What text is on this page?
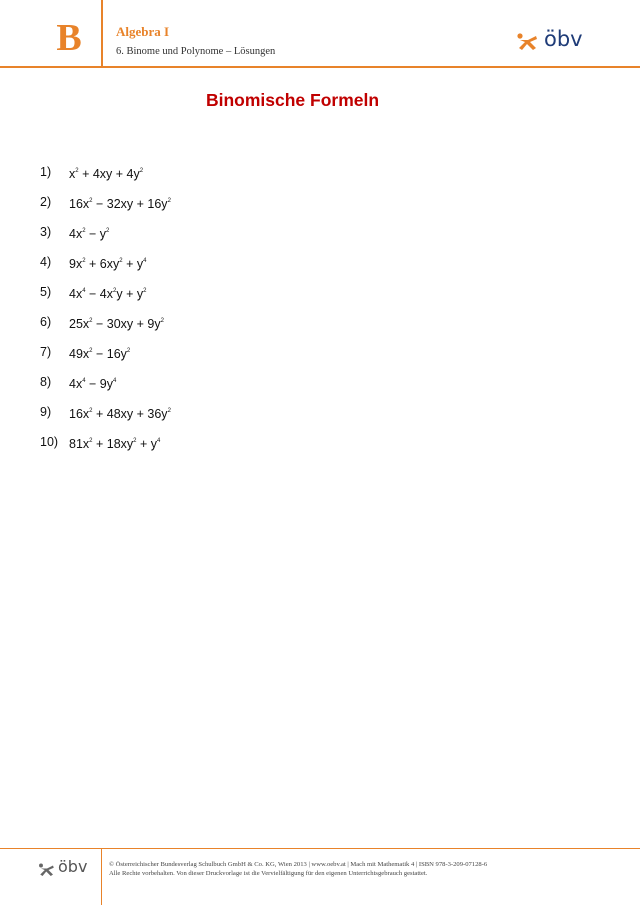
B	Algebra I
6. Binome und Polynome – Lösungen
öbv
Binomische Formeln
1)	$x^2 + 4xy + 4y^2$
2)	$16x^2 - 32xy + 16y^2$
3)	$4x^2 - y^2$
4)	$9x^2 + 6xy^2 + y^4$
5)	$4x^4 - 4x^2y + y^2$
6)	$25x^2 - 30xy + 9y^2$
7)	$49x^2 - 16y^2$
8)	$4x^4 - 9y^4$
9)	$16x^2 + 48xy + 36y^2$
10) $81x^2 + 18xy^2 + y^4$
öbv	© Österreichischer Bundesverlag Schulbuch GmbH & Co. KG, Wien 2013 | www.oebv.at | Mach mit Mathematik 4 | ISBN 978-3-209-07128-6
Alle Rechte vorbehalten. Von dieser Druckvorlage ist die Vervielfältigung für den eigenen Unterrichtsgebrauch gestattet.
